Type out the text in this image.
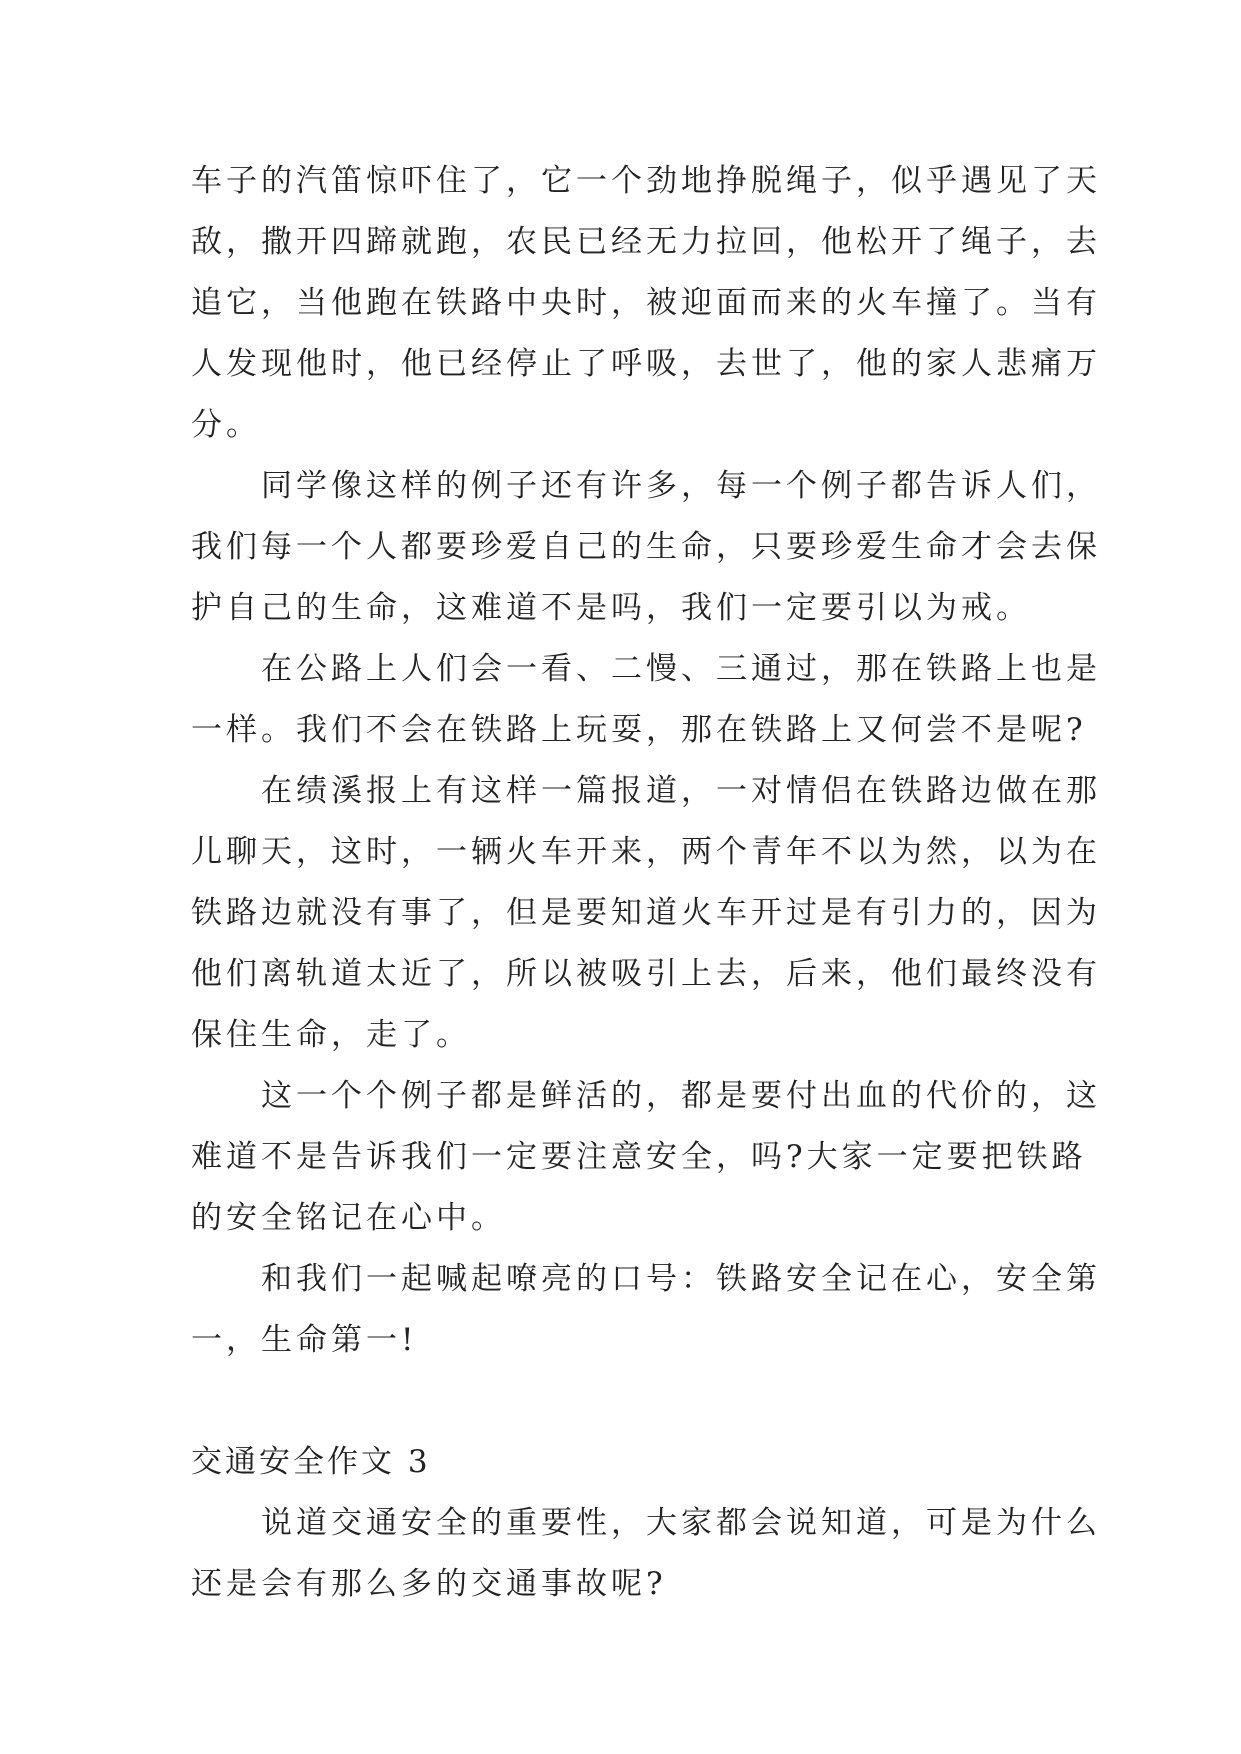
车子的汽笛惊吓住了，它一个劲地挣脱绳子，似乎遇见了天
敌，撒开四蹄就跑，农民已经无力拉回，他松开了绳子，去
追它，当他跑在铁路中央时，被迎面而来的火车撞了。当有
人发现他时，他已经停止了呼吸，去世了，他的家人悲痛万
分。
　　同学像这样的例子还有许多，每一个例子都告诉人们，
我们每一个人都要珍爱自己的生命，只要珍爱生命才会去保
护自己的生命，这难道不是吗，我们一定要引以为戒。
　　在公路上人们会一看、二慢、三通过，那在铁路上也是
一样。我们不会在铁路上玩耍，那在铁路上又何尝不是呢?
　　在绩溪报上有这样一篇报道，一对情侣在铁路边做在那
儿聊天，这时，一辆火车开来，两个青年不以为然，以为在
铁路边就没有事了，但是要知道火车开过是有引力的，因为
他们离轨道太近了，所以被吸引上去，后来，他们最终没有
保住生命，走了。
　　这一个个例子都是鲜活的，都是要付出血的代价的，这
难道不是告诉我们一定要注意安全，吗?大家一定要把铁路
的安全铭记在心中。
　　和我们一起喊起嘹亮的口号：铁路安全记在心，安全第
一，生命第一!
交通安全作文 3
　　说道交通安全的重要性，大家都会说知道，可是为什么
还是会有那么多的交通事故呢?
